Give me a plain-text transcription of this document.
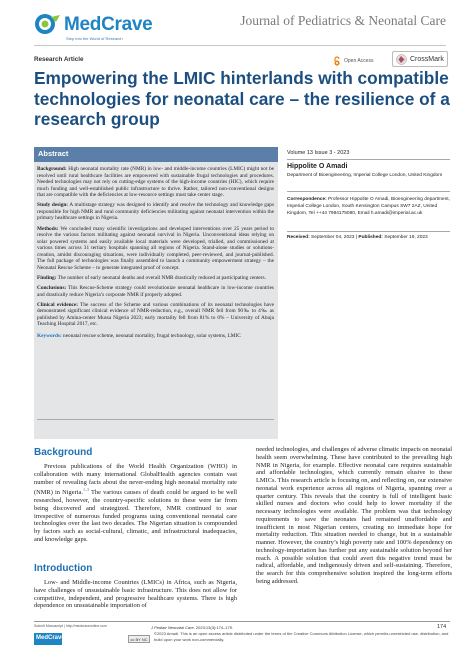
MedCrave
Step into the World of Research
Journal of Pediatrics & Neonatal Care
Research Article	Open Access	CrossMark
Empowering the LMIC hinterlands with compatible technologies for neonatal care – the resilience of a research group
Abstract

Background: High neonatal mortality rate (NMR) in low- and middle-income countries (LMIC) might not be resolved until rural healthcare facilities are empowered with sustainable frugal technologies and procedures. Needed technologies may not rely on cutting-edge systems of the high-income countries (HIC), which require much funding and well-established public infrastructure to thrive. Rather, tailored non-conventional designs that are compatible with the deficiencies at low-resource settings must take center stage.

Study design: A multistage strategy was designed to identify and resolve the technology and knowledge gaps responsible for high NMR and rural community deficiencies militating against neonatal intervention within the primary healthcare settings in Nigeria.

Methods: We concluded many scientific investigations and developed interventions over 25 years period to resolve the various factors militating against neonatal survival in Nigeria. Unconventional ideas relying on solar powered systems and easily available local materials were developed, trialled, and commissioned at various times across 31 tertiary hospitals spanning all regions of Nigeria. Stand-alone studies or solutions-creation, amidst discouraging situations, were individually completed, peer-reviewed, and journal-published. The full package of technologies was finally assembled to launch a community empowerment strategy – the Neonatal Rescue Scheme – to generate integrated proof of concept.

Finding: The number of early neonatal deaths and overall NMR drastically reduced at participating centers.

Conclusions: This Rescue-Scheme strategy could revolutionize neonatal healthcare in low-income countries and drastically reduce Nigeria’s corporate NMR if properly adopted.

Clinical evidence: The success of the Scheme and various combinations of its neonatal technologies have demonstrated significant clinical evidence of NMR-reduction, e.g., overall NMR fell from 90‰ to 4‰ as published by Amina-center Mussa Nigeria 2023; early mortality fell from 81% to 0% – University of Abuja Teaching Hospital 2017, etc.

Keywords: neonatal rescue scheme, neonatal mortality, frugal technology, solar systems, LMIC

Volume 13 Issue 3 - 2023
Hippolite O Amadi
Department of Bioengineering, Imperial College London, United Kingdom
Correspondence: Professor Hippolite O Amadi, Bioengineering department, Imperial College London, South Kensington Campus SW7 2AZ, United Kingdom, Tel ++44 7984175080, Email h.amadi@imperial.ac.uk
Received: September 04, 2023 | Published: September 19, 2023
Background

Previous publications of the World Health Organization (WHO) in collaboration with many international GlobalHealth agencies contain vast number of revealing facts about the never-ending high neonatal mortality rate (NMR) in Nigeria.$^{1-3}$ The various causes of death could be argued to be well researched, however, the country-specific solutions to these were far from being discovered and strategized. Therefore, NMR continued to soar irrespective of numerous funded programs using conventional neonatal care technologies over the last two decades. The Nigerian situation is compounded by factors such as social-cultural, climatic, and infrastructural inadequacies, and knowledge gaps.

Introduction

Low- and Middle-income Countries (LMICs) in Africa, such as Nigeria, have challenges of unsustainable basic infrastructure. This does not allow for competitive, independent, and progressive healthcare systems. There is high dependence on unsustainable importation of

needed technologies, and challenges of adverse climatic impacts on neonatal health seem overwhelming. These have contributed to the prevailing high NMR in Nigeria, for example. Effective neonatal care requires sustainable and affordable technologies, which currently remain elusive to these LMICs. This research article is focusing on, and reflecting on, our extensive neonatal work experience across all regions of Nigeria, spanning over a quarter century. This reveals that the country is full of intelligent basic skilled nurses and doctors who could help to lower mortality if the necessary technologies were available. The problem was that technology requirements to save the neonates had remained unaffordable and insufficient in most Nigerian centers, creating no immediate hope for mortality reduction. This situation needed to change, but in a sustainable manner. However, the country’s high poverty rate and 100% dependency on technology-importation has further put any sustainable solution beyond her reach. A possible solution that could avert this negative trend must be radical, affordable, and indigenously driven and self-sustaining. Therefore, the search for this comprehensive solution inspired the long-term efforts being addressed.

Submit Manuscript | http://medcraveonline.com
MedCrave
J Pediatr Neonatal Care. 2023;13(3):174–179.	174
cc BY NC
©2023 Amadi. This is an open access article distributed under the terms of the Creative Commons Attribution License, which permits unrestricted use, distribution, and build upon your work non-commercially.
